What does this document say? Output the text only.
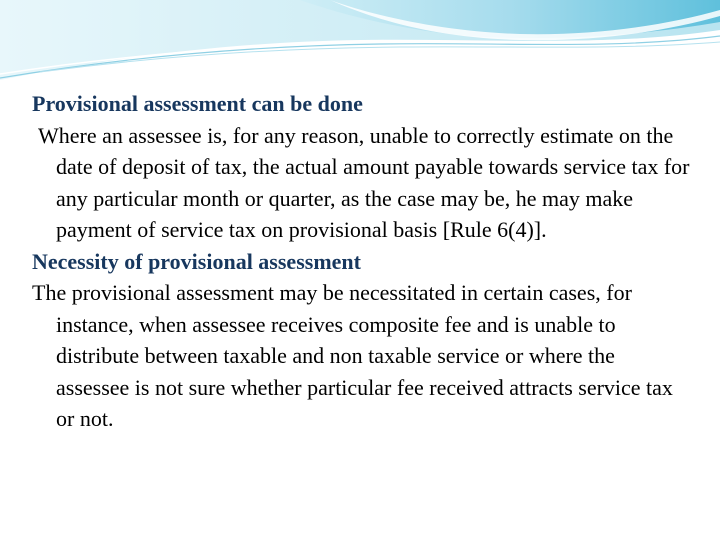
Provisional assessment can be done

Where an assessee is, for any reason, unable to correctly estimate on the date of deposit of tax, the actual amount payable towards service tax for any particular month or quarter, as the case may be, he may make payment of service tax on provisional basis [Rule 6(4)].

Necessity of provisional assessment

The provisional assessment may be necessitated in certain cases, for instance, when assessee receives composite fee and is unable to distribute between taxable and non taxable service or where the assessee is not sure whether particular fee received attracts service tax or not.
